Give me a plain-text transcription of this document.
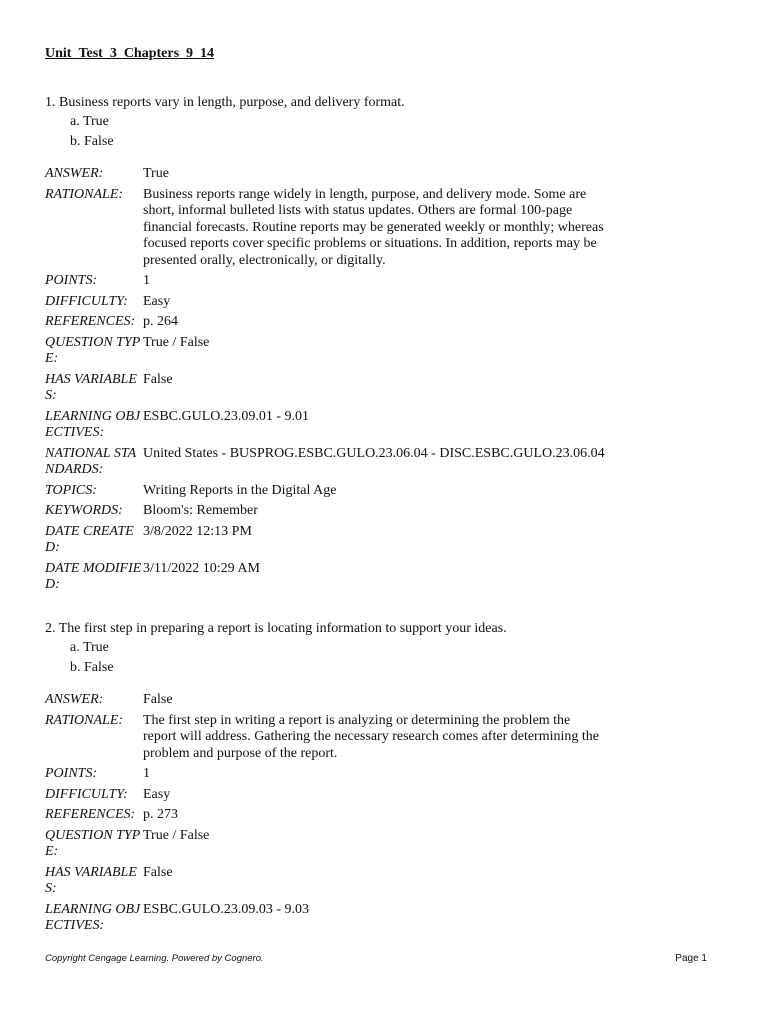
Unit_Test_3_Chapters_9_14

1. Business reports vary in length, purpose, and delivery format.

a. True
b. False
ANSWER:	True
RATIONALE:	Business reports range widely in length, purpose, and delivery mode. Some are short, informal bulleted lists with status updates. Others are formal 100-page financial forecasts. Routine reports may be generated weekly or monthly; whereas focused reports cover specific problems or situations. In addition, reports may be presented orally, electronically, or digitally.
POINTS:	1
DIFFICULTY:	Easy
REFERENCES: p. 264
QUESTION TYPE:
True / False
HAS VARIABLES:
False
LEARNING OBJECTIVES:
ESBC.GULO.23.09.01 - 9.01
NATIONAL STANDARDS:
United States - BUSPROG.ESBC.GULO.23.06.04 - DISC.ESBC.GULO.23.06.04
TOPICS:	Writing Reports in the Digital Age
KEYWORDS:	Bloom's: Remember
DATE CREATED:
3/8/2022 12:13 PM
DATE MODIFIED:
3/11/2022 10:29 AM

2. The first step in preparing a report is locating information to support your ideas.

a. True
b. False
ANSWER:	False
RATIONALE:	The first step in writing a report is analyzing or determining the problem the report will address. Gathering the necessary research comes after determining the problem and purpose of the report.
POINTS:	1
DIFFICULTY:	Easy
REFERENCES: p. 273
QUESTION TYPE:
True / False
HAS VARIABLES:
False
LEARNING OBJECTIVES:
ESBC.GULO.23.09.03 - 9.03
Copyright Cengage Learning. Powered by Cognero.	Page 1
